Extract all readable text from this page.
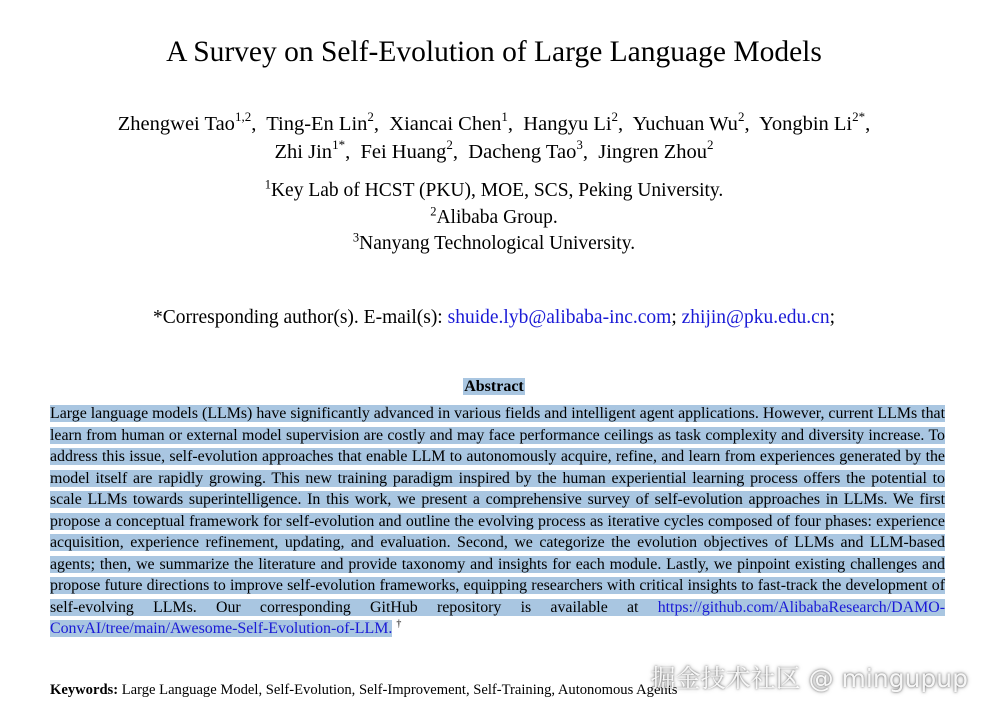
A Survey on Self-Evolution of Large Language Models
Zhengwei Tao$^{1,2}$, Ting-En Lin$^2$, Xiancai Chen$^1$, Hangyu Li$^2$, Yuchuan Wu$^2$, Yongbin $Li^{2*}$,
Zhi Jin$^{1*}$, Fei Huang$^2$, Dacheng Tao$^3$, Jingren Zhou$^2$
$^1$Key Lab of HCST (PKU), MOE, SCS, Peking University.
$^2$Alibaba Group.
$^3$Nanyang Technological University.
*Corresponding author(s). E-mail(s): shuide.lyb@alibaba-inc.com; zhijin@pku.edu.cn;
Abstract

Large language models (LLMs) have significantly advanced in various fields and intelligent agent applications. However, current LLMs that learn from human or external model supervision are costly and may face performance ceilings as task complexity and diversity increase. To address this issue, self-evolution approaches that enable LLM to autonomously acquire, refine, and learn from experiences generated by the model itself are rapidly growing. This new training paradigm inspired by the human experiential learning process offers the potential to scale LLMs towards superintelligence. In this work, we present a comprehensive survey of self-evolution approaches in LLMs. We first propose a conceptual framework for self-evolution and outline the evolving process as iterative cycles composed of four phases: experience acquisition, experience refinement, updating, and evaluation. Second, we categorize the evolution objectives of LLMs and LLM-based agents; then, we summarize the literature and provide taxonomy and insights for each module. Lastly, we pinpoint existing challenges and propose future directions to improve self-evolution frameworks, equipping researchers with critical insights to fast-track the development of self-evolving LLMs. Our corresponding GitHub repository is available at https://github.com/AlibabaResearch/DAMO-ConvAI/tree/main/Awesome-Self-Evolution-of-LLM. †

Keywords: Large Language Model, Self-Evolution, Self-Improvement, Self-Training, Autonomous Agents
掘金技术社区 @ mingupup
